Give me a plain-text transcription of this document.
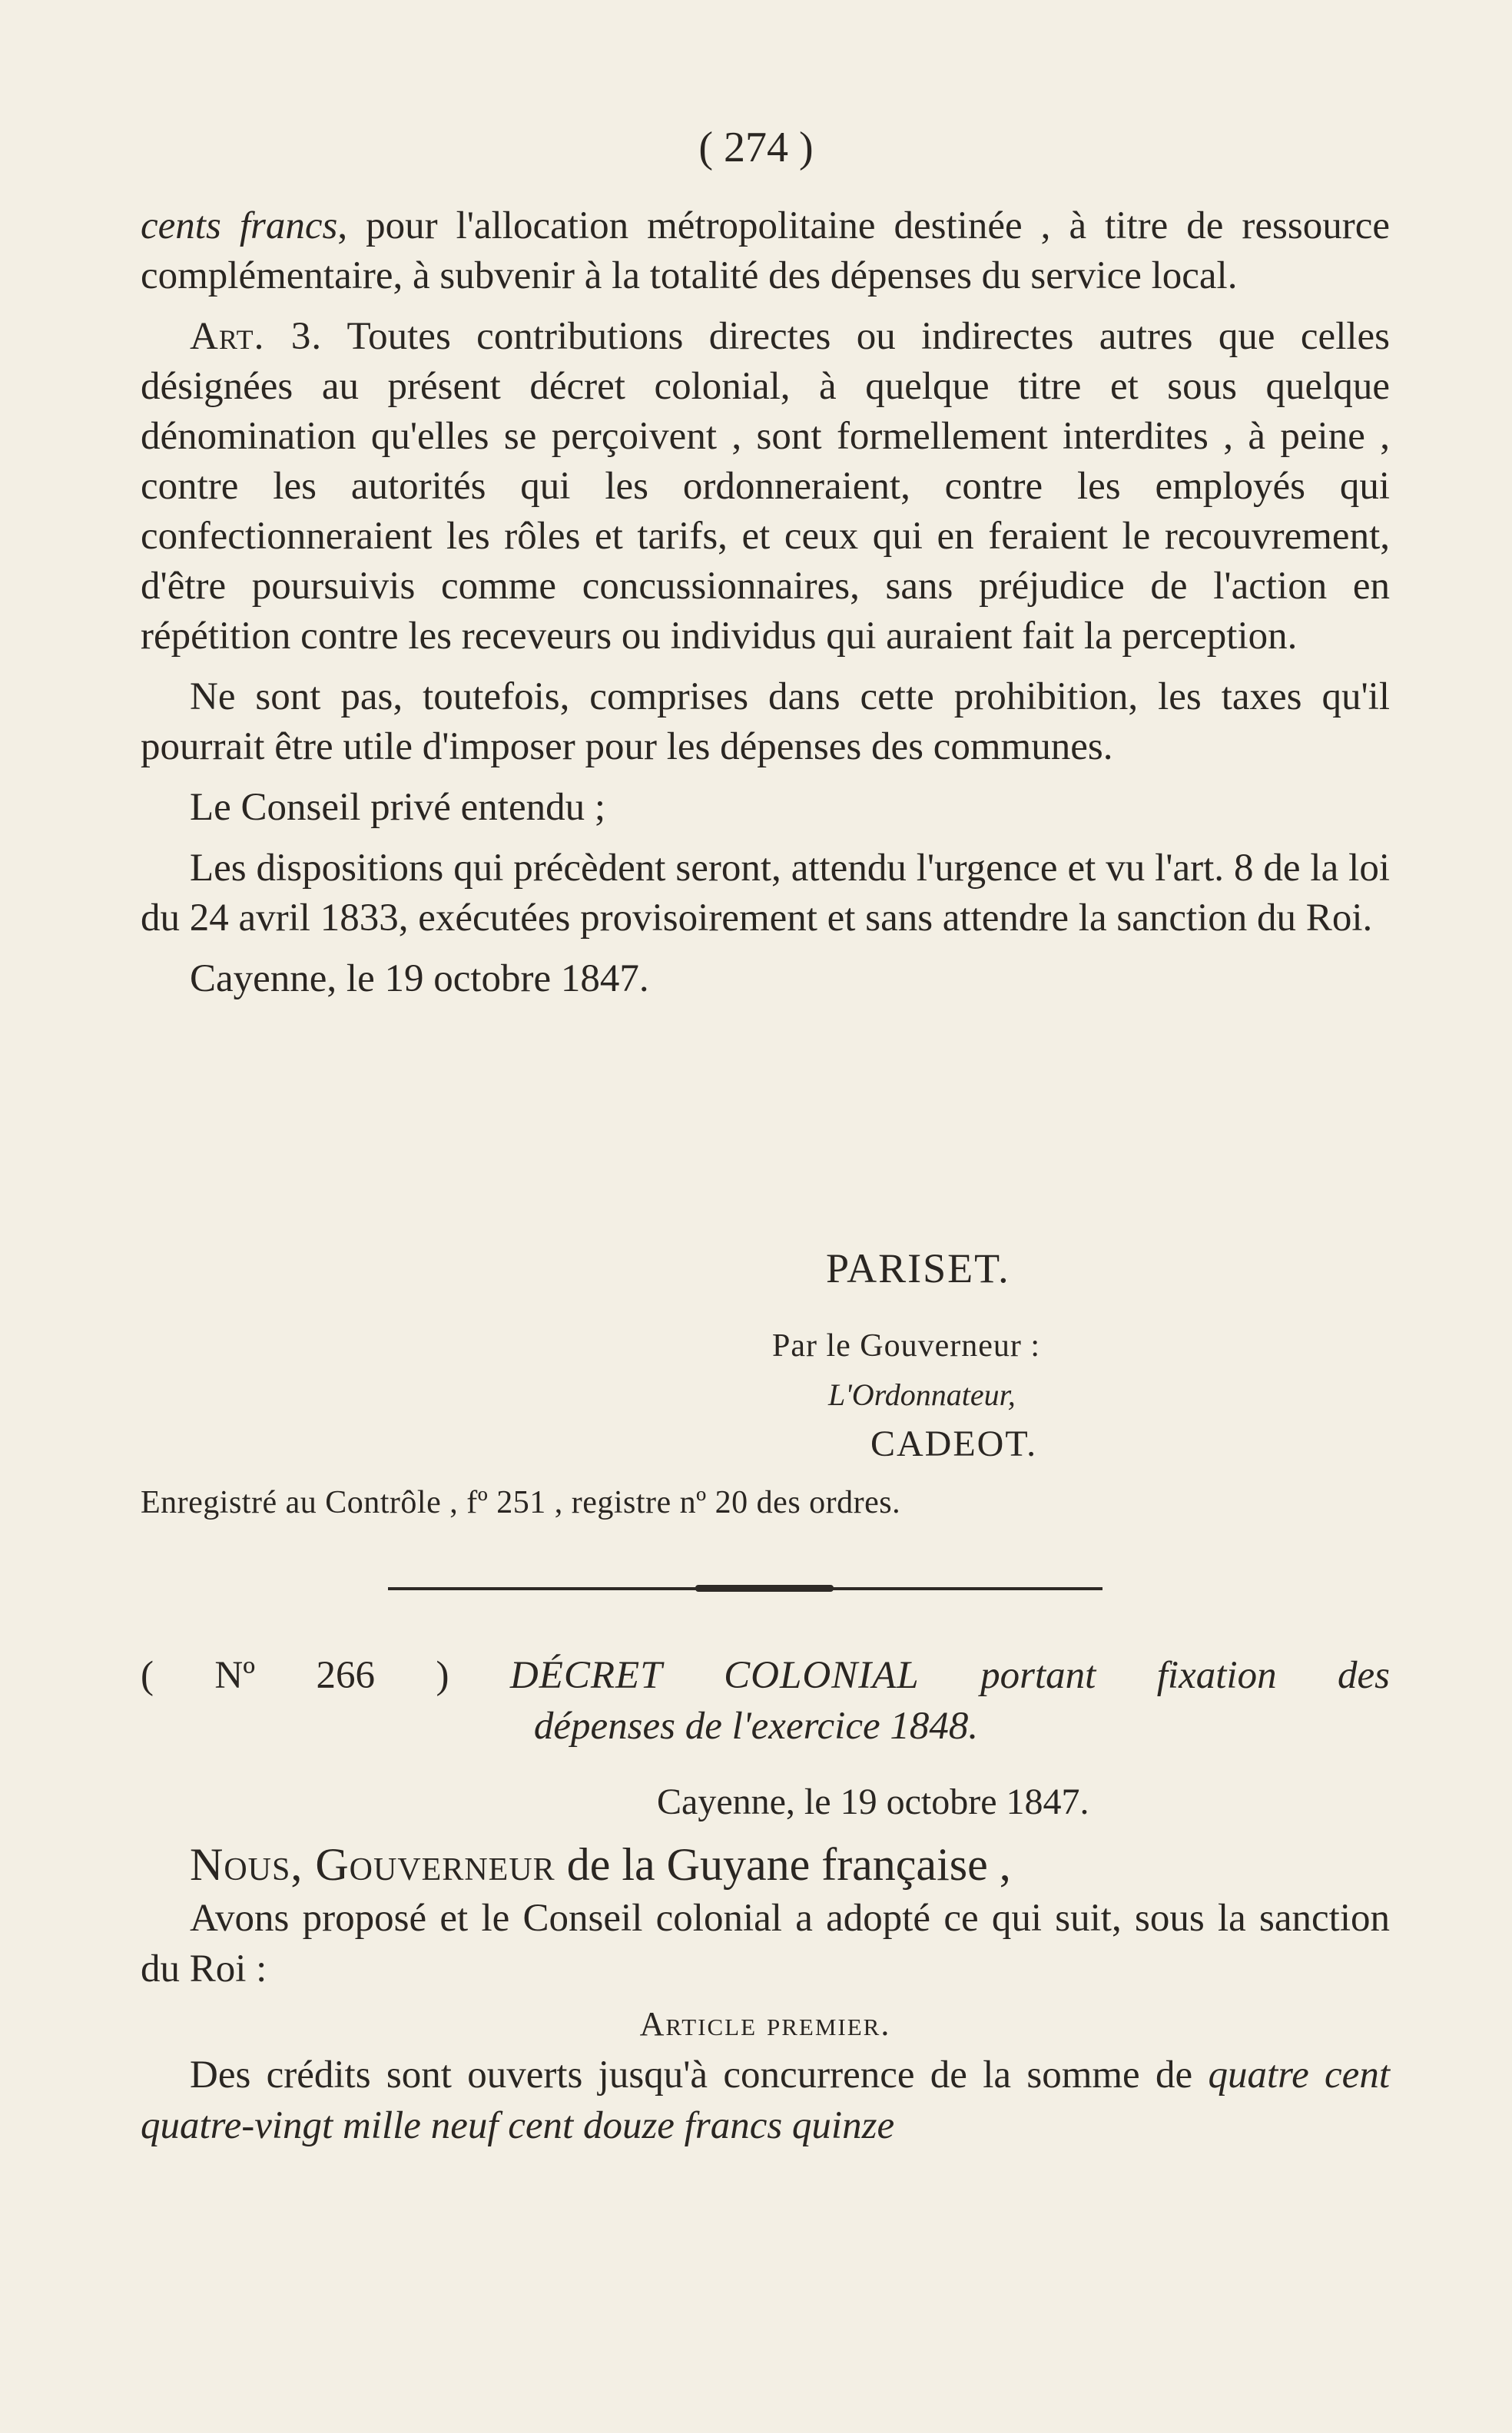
( 274 )

cents francs, pour l'allocation métropolitaine destinée , à titre de ressource complémentaire, à subvenir à la totalité des dépenses du service local.

Art. 3. Toutes contributions directes ou indirectes autres que celles désignées au présent décret colonial, à quelque titre et sous quelque dénomination qu'elles se perçoivent , sont formellement interdites , à peine , contre les autorités qui les ordonneraient, contre les employés qui confectionneraient les rôles et tarifs, et ceux qui en feraient le recouvrement, d'être poursuivis comme concussionnaires, sans préjudice de l'action en répétition contre les receveurs ou individus qui auraient fait la perception.

Ne sont pas, toutefois, comprises dans cette prohibition, les taxes qu'il pourrait être utile d'imposer pour les dépenses des communes.

Le Conseil privé entendu ;

Les dispositions qui précèdent seront, attendu l'urgence et vu l'art. 8 de la loi du 24 avril 1833, exécutées provisoirement et sans attendre la sanction du Roi.

Cayenne, le 19 octobre 1847.

PARISET.
Par le Gouverneur :
L'Ordonnateur,
CADEOT.
Enregistré au Contrôle , fº 251 , registre nº 20 des ordres.
( Nº 266 ) DÉCRET COLONIAL portant fixation des
dépenses de l'exercice 1848.
Cayenne, le 19 octobre 1847.

Nous, Gouverneur de la Guyane française ,

Avons proposé et le Conseil colonial a adopté ce qui suit, sous la sanction du Roi :

Article premier.

Des crédits sont ouverts jusqu'à concurrence de la somme de quatre cent quatre-vingt mille neuf cent douze francs quinze
